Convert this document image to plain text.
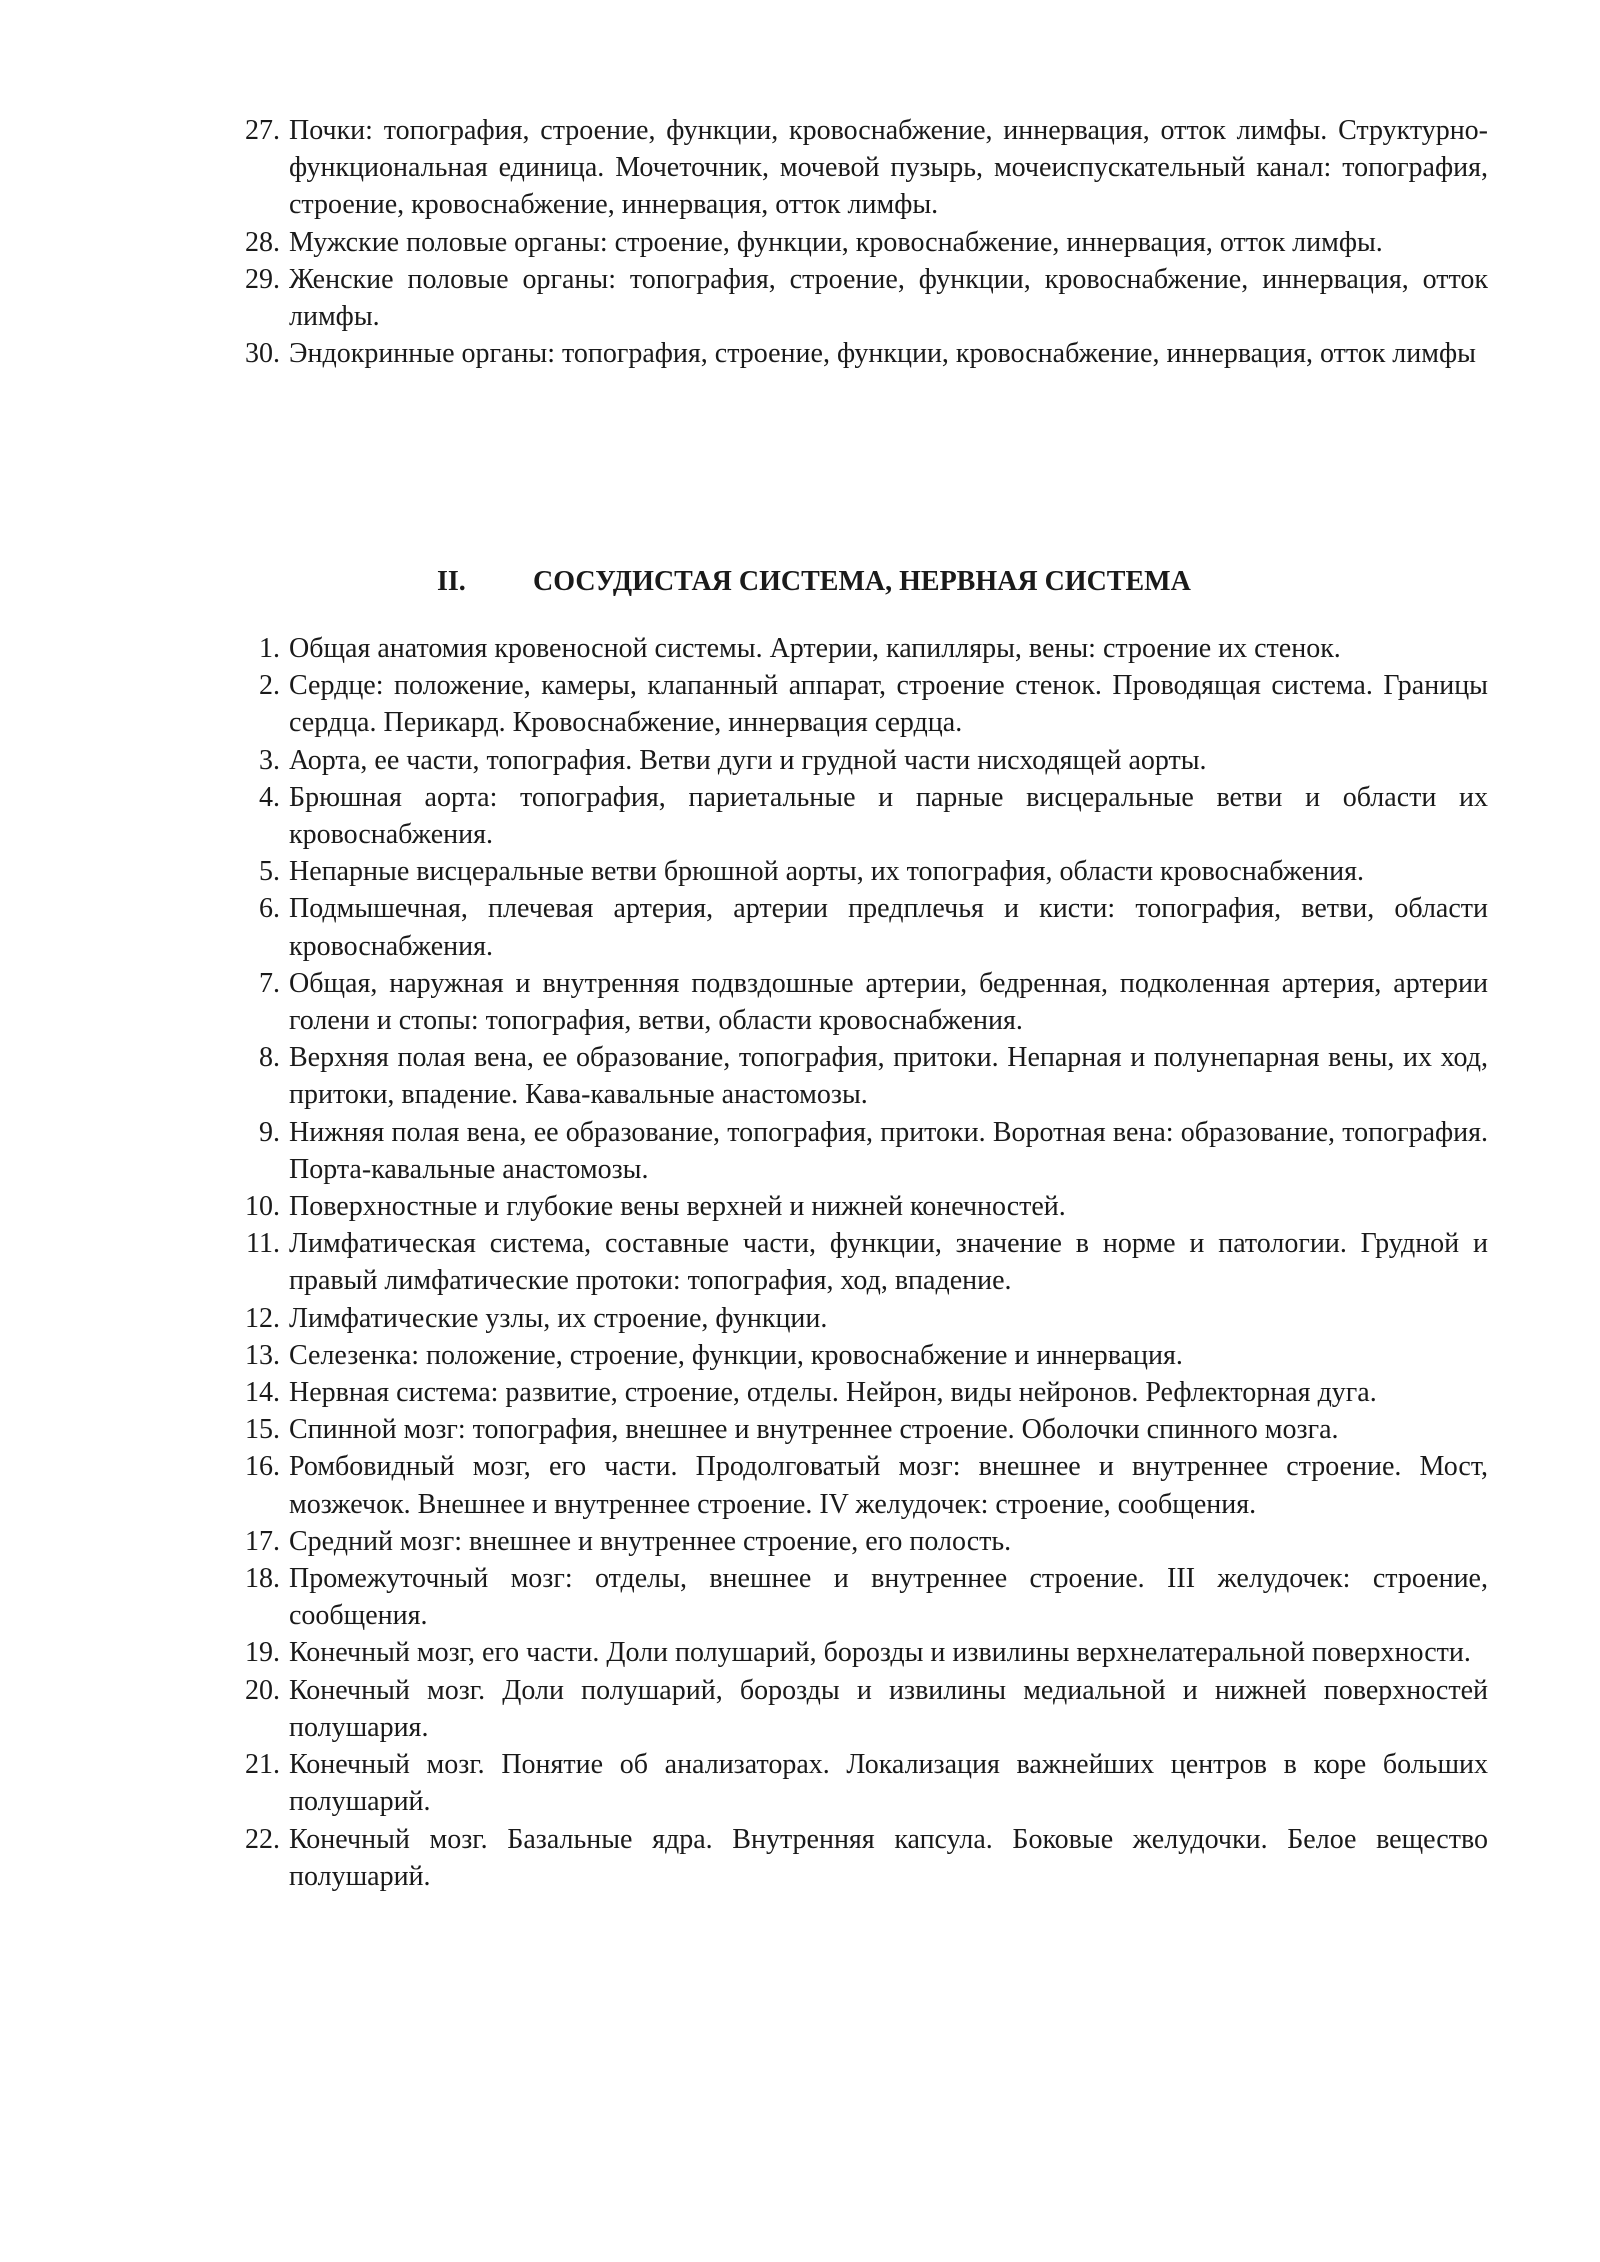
27. Почки: топография, строение, функции, кровоснабжение, иннервация, отток лимфы. Структурно-функциональная единица. Мочеточник, мочевой пузырь, мочеиспускательный канал: топография, строение, кровоснабжение, иннервация, отток лимфы.
28. Мужские половые органы: строение, функции, кровоснабжение, иннервация, отток лимфы.
29. Женские половые органы: топография, строение, функции, кровоснабжение, иннервация, отток лимфы.
30. Эндокринные органы: топография, строение, функции, кровоснабжение, иннервация, отток лимфы
II. СОСУДИСТАЯ СИСТЕМА, НЕРВНАЯ СИСТЕМА
1. Общая анатомия кровеносной системы. Артерии, капилляры, вены: строение их стенок.
2. Сердце: положение, камеры, клапанный аппарат, строение стенок. Проводящая система. Границы сердца. Перикард. Кровоснабжение, иннервация сердца.
3. Аорта, ее части, топография. Ветви дуги и грудной части нисходящей аорты.
4. Брюшная аорта: топография, париетальные и парные висцеральные ветви и области их кровоснабжения.
5. Непарные висцеральные ветви брюшной аорты, их топография, области кровоснабжения.
6. Подмышечная, плечевая артерия, артерии предплечья и кисти: топография, ветви, области кровоснабжения.
7. Общая, наружная и внутренняя подвздошные артерии, бедренная, подколенная артерия, артерии голени и стопы: топография, ветви, области кровоснабжения.
8. Верхняя полая вена, ее образование, топография, притоки. Непарная и полунепарная вены, их ход, притоки, впадение. Кава-кавальные анастомозы.
9. Нижняя полая вена, ее образование, топография, притоки. Воротная вена: образование, топография. Порта-кавальные анастомозы.
10. Поверхностные и глубокие вены верхней и нижней конечностей.
11. Лимфатическая система, составные части, функции, значение в норме и патологии. Грудной и правый лимфатические протоки: топография, ход, впадение.
12. Лимфатические узлы, их строение, функции.
13. Селезенка: положение, строение, функции, кровоснабжение и иннервация.
14. Нервная система: развитие, строение, отделы. Нейрон, виды нейронов. Рефлекторная дуга.
15. Спинной мозг: топография, внешнее и внутреннее строение. Оболочки спинного мозга.
16. Ромбовидный мозг, его части. Продолговатый мозг: внешнее и внутреннее строение. Мост, мозжечок. Внешнее и внутреннее строение. IV желудочек: строение, сообщения.
17. Средний мозг: внешнее и внутреннее строение, его полость.
18. Промежуточный мозг: отделы, внешнее и внутреннее строение. III желудочек: строение, сообщения.
19. Конечный мозг, его части. Доли полушарий, борозды и извилины верхнелатеральной поверхности.
20. Конечный мозг. Доли полушарий, борозды и извилины медиальной и нижней поверхностей полушария.
21. Конечный мозг. Понятие об анализаторах. Локализация важнейших центров в коре больших полушарий.
22. Конечный мозг. Базальные ядра. Внутренняя капсула. Боковые желудочки. Белое вещество полушарий.
